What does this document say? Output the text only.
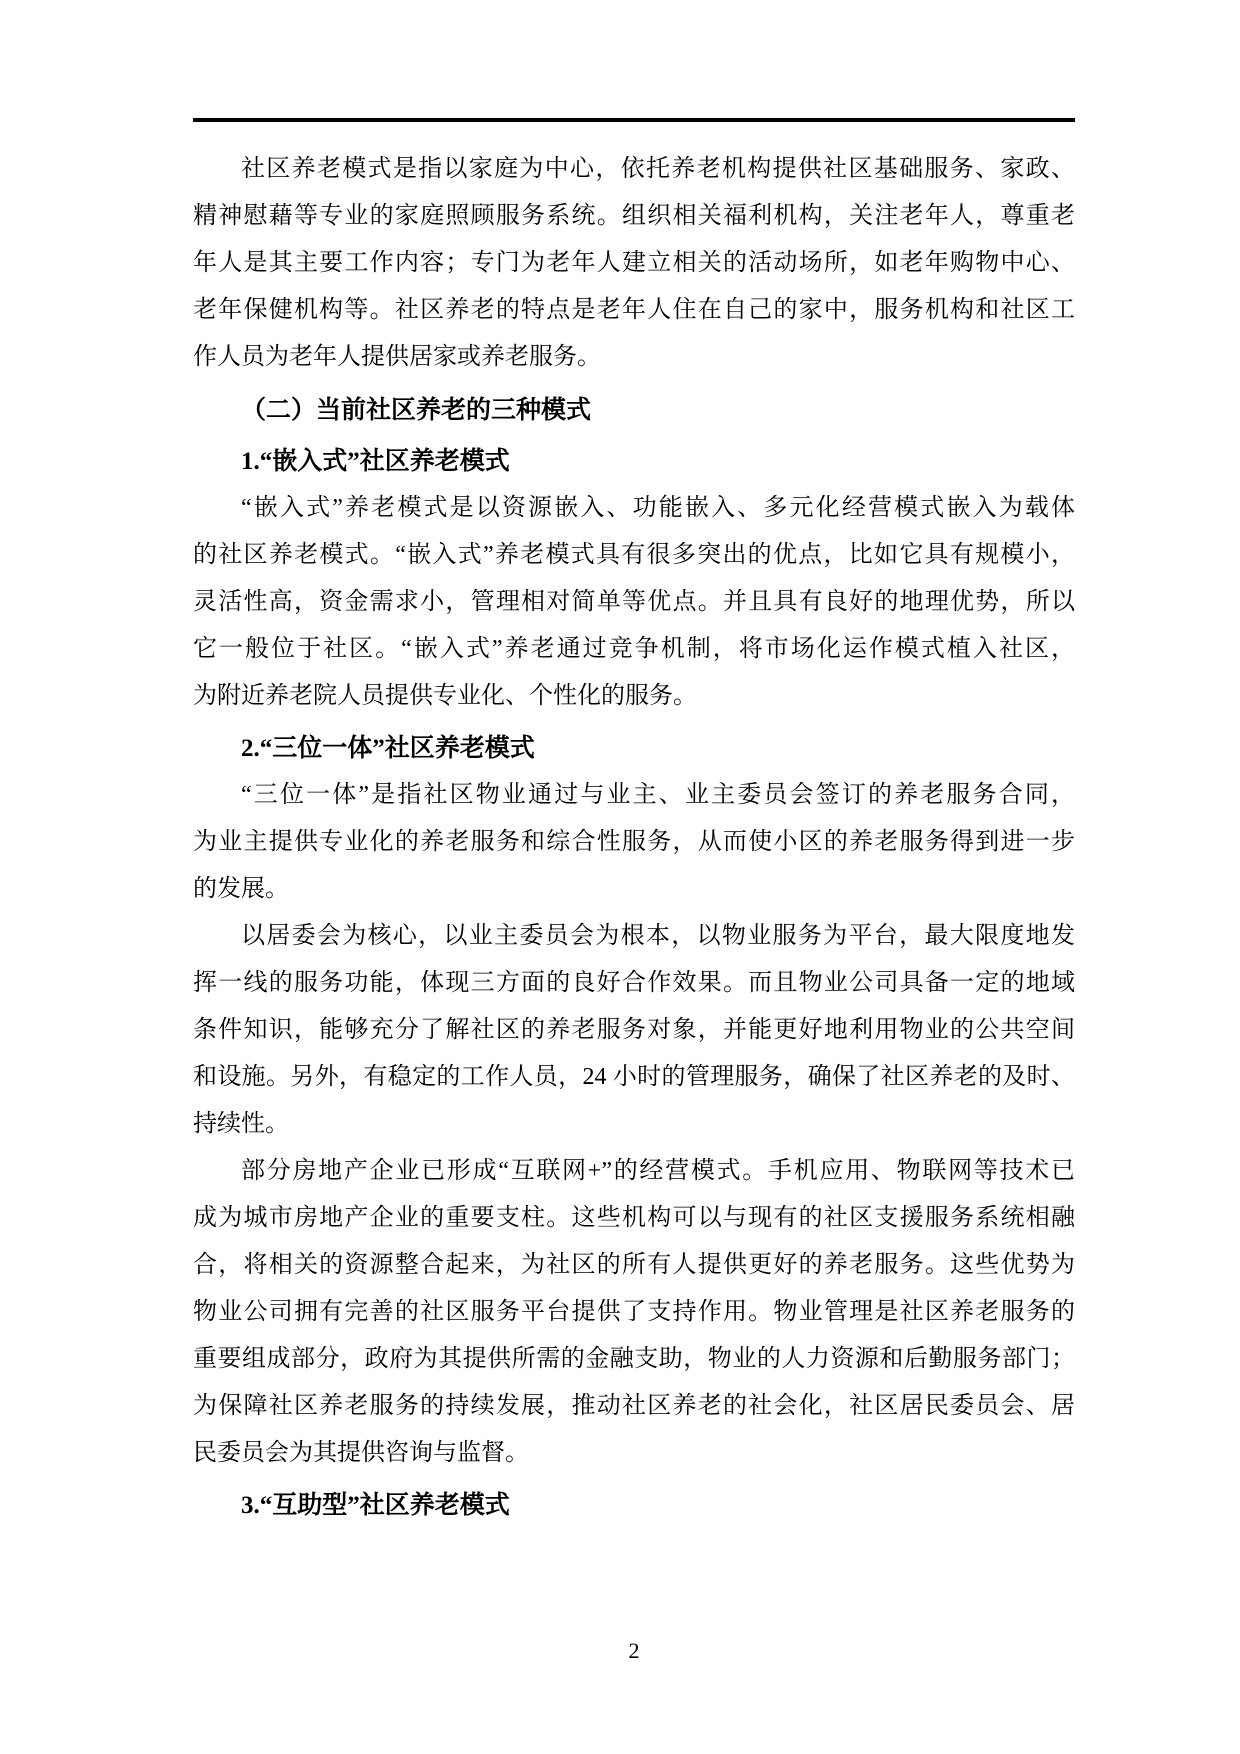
社区养老模式是指以家庭为中心，依托养老机构提供社区基础服务、家政、
精神慰藉等专业的家庭照顾服务系统。组织相关福利机构，关注老年人，尊重老
年人是其主要工作内容；专门为老年人建立相关的活动场所，如老年购物中心、
老年保健机构等。社区养老的特点是老年人住在自己的家中，服务机构和社区工
作人员为老年人提供居家或养老服务。
（二）当前社区养老的三种模式
1.“嵌入式”社区养老模式
“嵌入式”养老模式是以资源嵌入、功能嵌入、多元化经营模式嵌入为载体
的社区养老模式。“嵌入式”养老模式具有很多突出的优点，比如它具有规模小，
灵活性高，资金需求小，管理相对简单等优点。并且具有良好的地理优势，所以
它一般位于社区。“嵌入式”养老通过竞争机制，将市场化运作模式植入社区，
为附近养老院人员提供专业化、个性化的服务。
2.“三位一体”社区养老模式
“三位一体”是指社区物业通过与业主、业主委员会签订的养老服务合同，
为业主提供专业化的养老服务和综合性服务，从而使小区的养老服务得到进一步
的发展。
以居委会为核心，以业主委员会为根本，以物业服务为平台，最大限度地发
挥一线的服务功能，体现三方面的良好合作效果。而且物业公司具备一定的地域
条件知识，能够充分了解社区的养老服务对象，并能更好地利用物业的公共空间
和设施。另外，有稳定的工作人员，24 小时的管理服务，确保了社区养老的及时、
持续性。
部分房地产企业已形成“互联网+”的经营模式。手机应用、物联网等技术已
成为城市房地产企业的重要支柱。这些机构可以与现有的社区支援服务系统相融
合，将相关的资源整合起来，为社区的所有人提供更好的养老服务。这些优势为
物业公司拥有完善的社区服务平台提供了支持作用。物业管理是社区养老服务的
重要组成部分，政府为其提供所需的金融支助，物业的人力资源和后勤服务部门；
为保障社区养老服务的持续发展，推动社区养老的社会化，社区居民委员会、居
民委员会为其提供咨询与监督。
3.“互助型”社区养老模式
2
